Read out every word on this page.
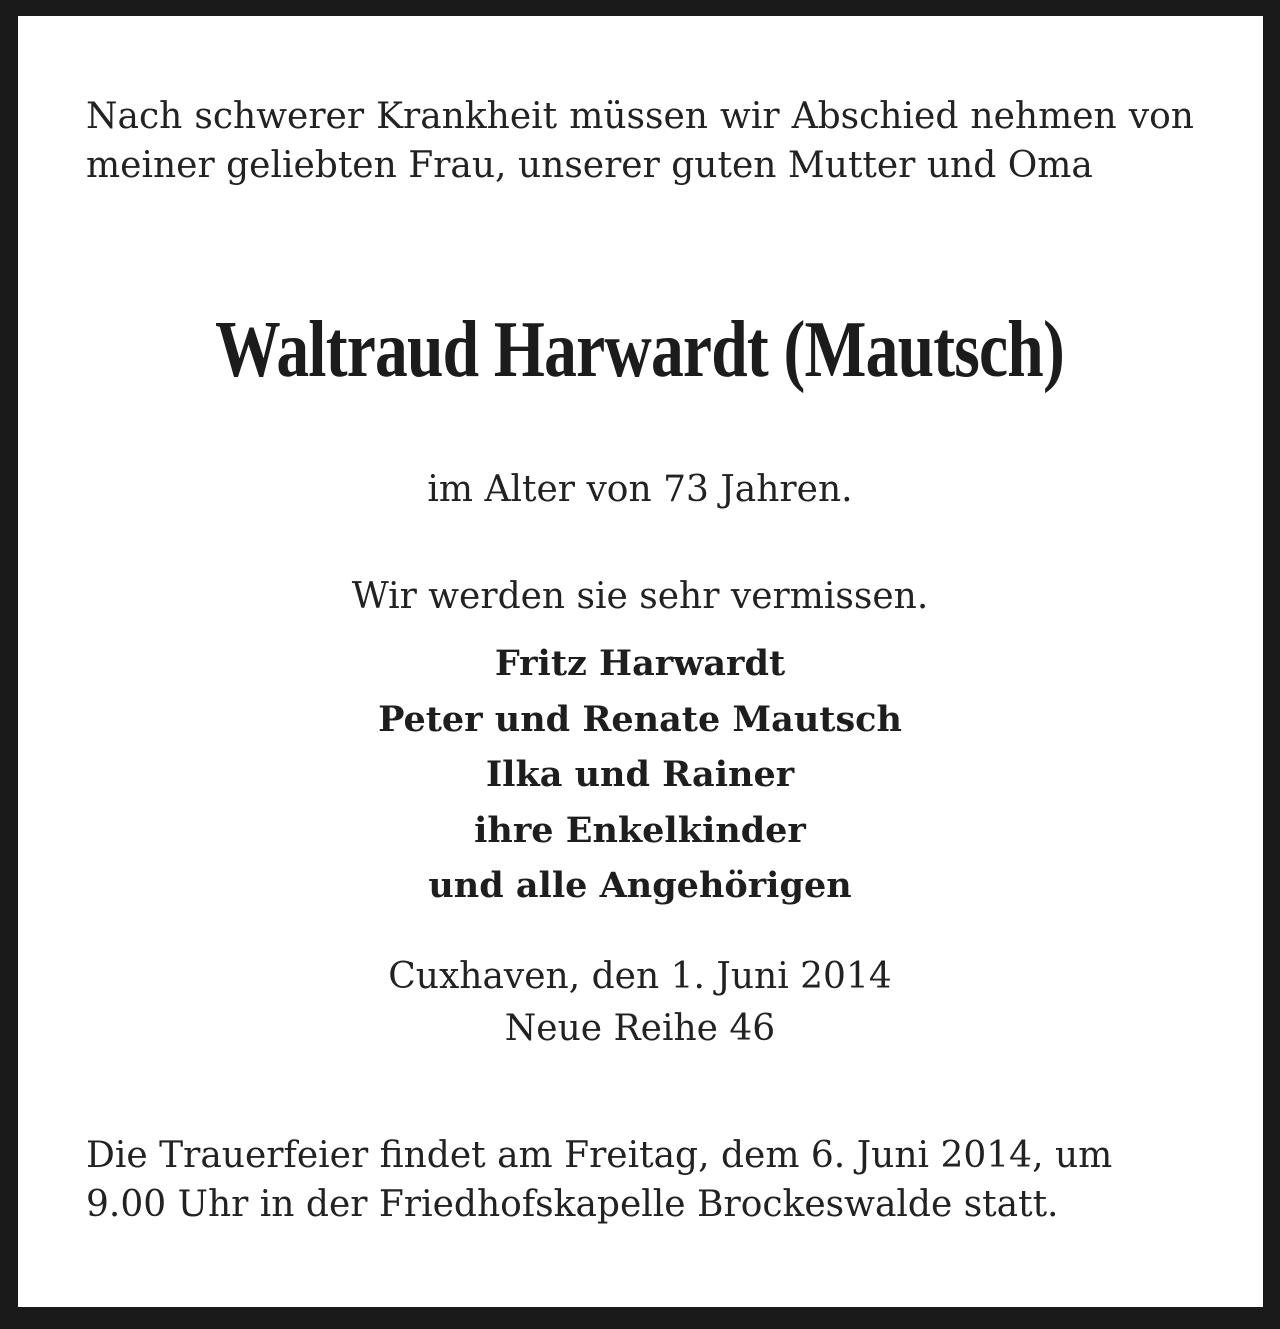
Nach schwerer Krankheit müssen wir Abschied nehmen von meiner geliebten Frau, unserer guten Mutter und Oma

Waltraud Harwardt (Mautsch)

im Alter von 73 Jahren.

Wir werden sie sehr vermissen.

Fritz Harwardt
Peter und Renate Mautsch
Ilka und Rainer
ihre Enkelkinder
und alle Angehörigen

Cuxhaven, den 1. Juni 2014

Neue Reihe 46

Die Trauerfeier findet am Freitag, dem 6. Juni 2014, um
9.00 Uhr in der Friedhofskapelle Brockeswalde statt.
